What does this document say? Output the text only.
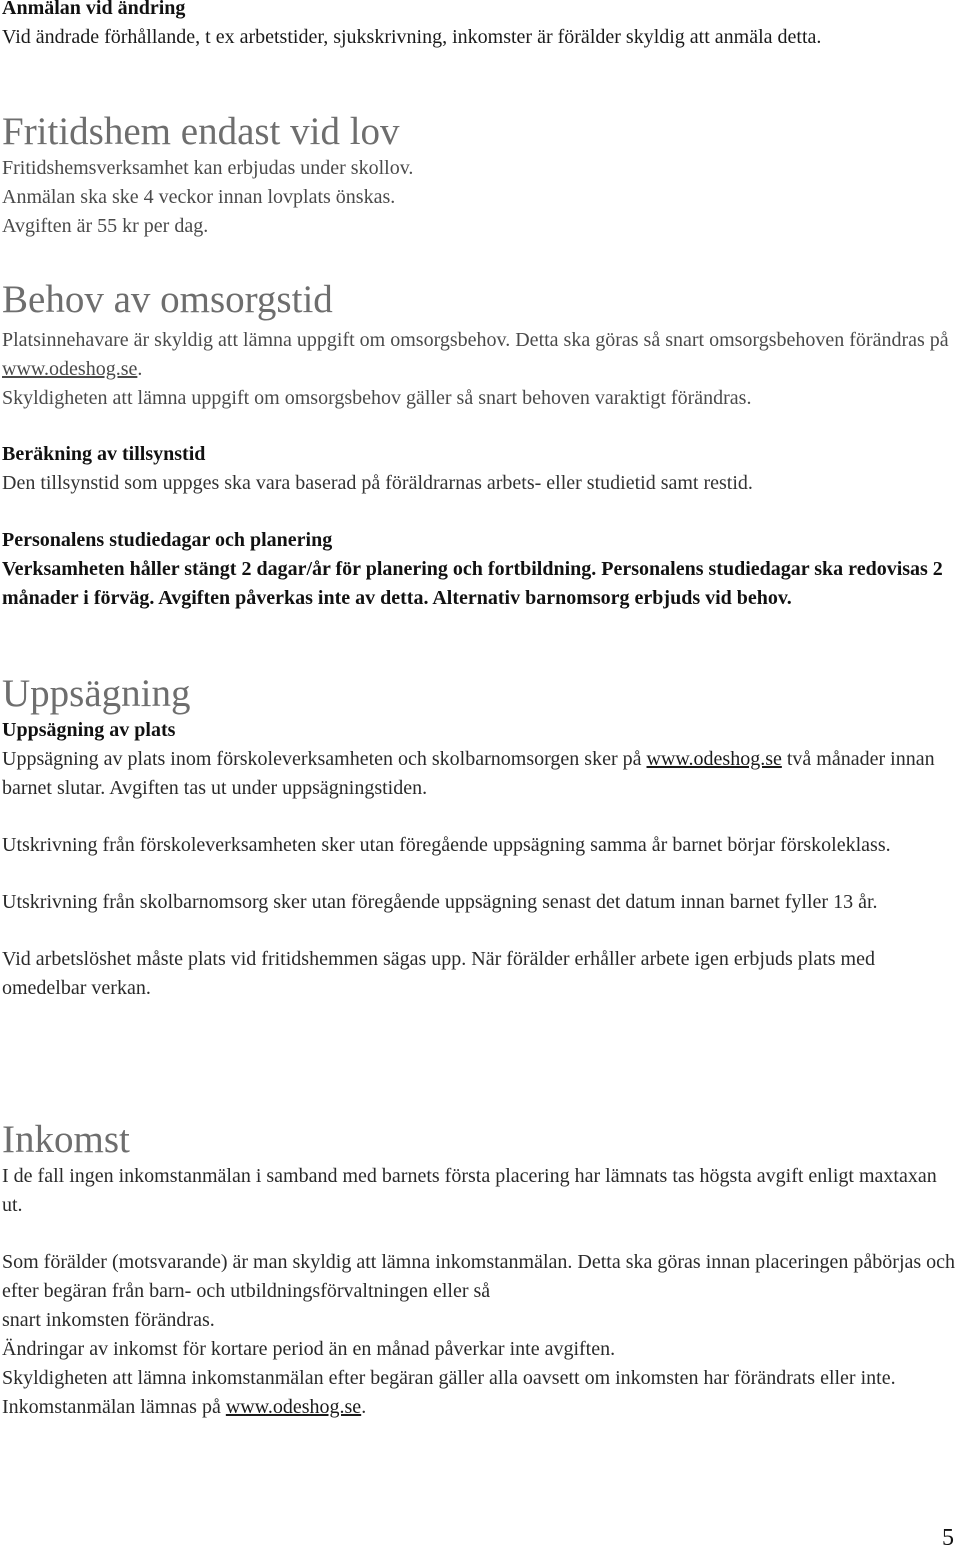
Anmälan vid ändring

Vid ändrade förhållande, t ex arbetstider, sjukskrivning, inkomster är förälder skyldig att anmäla detta.

Fritidshem endast vid lov

Fritidshemsverksamhet kan erbjudas under skollov.

Anmälan ska ske 4 veckor innan lovplats önskas.

Avgiften är 55 kr per dag.

Behov av omsorgstid

Platsinnehavare är skyldig att lämna uppgift om omsorgsbehov. Detta ska göras så snart omsorgsbehoven förändras på www.odeshog.se.

Skyldigheten att lämna uppgift om omsorgsbehov gäller så snart behoven varaktigt förändras.

Beräkning av tillsynstid

Den tillsynstid som uppges ska vara baserad på föräldrarnas arbets- eller studietid samt restid.

Personalens studiedagar och planering

Verksamheten håller stängt 2 dagar/år för planering och fortbildning. Personalens studiedagar ska redovisas 2 månader i förväg. Avgiften påverkas inte av detta. Alternativ barnomsorg erbjuds vid behov.

Uppsägning
Uppsägning av plats

Uppsägning av plats inom förskoleverksamheten och skolbarnomsorgen sker på www.odeshog.se två månader innan barnet slutar. Avgiften tas ut under uppsägningstiden.

Utskrivning från förskoleverksamheten sker utan föregående uppsägning samma år barnet börjar förskoleklass.

Utskrivning från skolbarnomsorg sker utan föregående uppsägning senast det datum innan barnet fyller 13 år.

Vid arbetslöshet måste plats vid fritidshemmen sägas upp. När förälder erhåller arbete igen erbjuds plats med omedelbar verkan.

Inkomst

I de fall ingen inkomstanmälan i samband med barnets första placering har lämnats tas högsta avgift enligt maxtaxan ut.

Som förälder (motsvarande) är man skyldig att lämna inkomstanmälan. Detta ska göras innan placeringen påbörjas och efter begäran från barn- och utbildningsförvaltningen eller så

snart inkomsten förändras.

Ändringar av inkomst för kortare period än en månad påverkar inte avgiften.

Skyldigheten att lämna inkomstanmälan efter begäran gäller alla oavsett om inkomsten har förändrats eller inte.

Inkomstanmälan lämnas på www.odeshog.se.

5
